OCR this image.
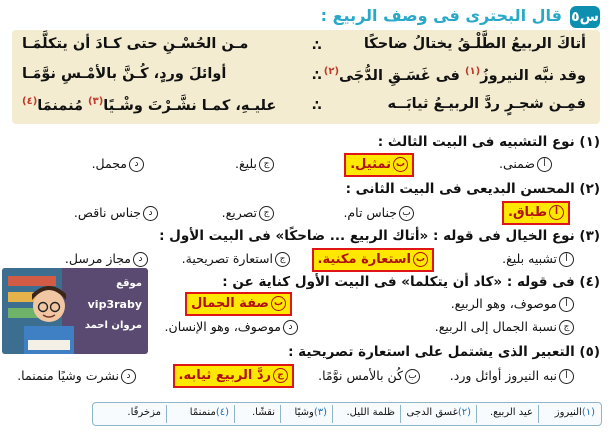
س٥
قال البحترى فى وصف الربيع :
أتاكَ الربيعُ الطَّلْـقُ يختالُ ضاحكًا
∴
مـن الحُسْـنِ حتى كـادَ أن يتكلَّمَـا
وقد نبَّه النيروزُ$^{(١)}$ فى غَسَـقِ الدُّجَى$^{(٢)}$
∴
أوائلَ وردٍ، كُـنَّ بالأمْـسِ نوَّمَـا
فمِـن شجـرٍ ردَّ الربيـعُ ثيابَــه
∴
عليـهِ، كمـا نشَّـرْتَ وشْـيًا$^{(٣)}$ مُنمنمَا$^{(٤)}$
(١) نوع التشبيه فى البيت الثالث :
أضمنى.
بتمثيل.
جبليغ.
دمجمل.
(٢) المحسن البديعى فى البيت الثانى :
أطباق.
بجناس تام.
جتصريع.
دجناس ناقص.
(٣) نوع الخيال فى قوله : «أتاك الربيع ... ضاحكًا» فى البيت الأول :
أتشبيه بليغ.
باستعارة مكنية.
جاستعارة تصريحية.
دمجاز مرسل.
(٤) فى قوله : «كاد أن يتكلما» فى البيت الأول كناية عن :
أموصوف، وهو الربيع.
بصفة الجمال
جنسبة الجمال إلى الربيع.
دموصوف، وهو الإنسان.
(٥) التعبير الذى يشتمل على استعارة تصريحية :
أنبه النيروز أوائل ورد.
بكُن بالأمس نوَّمًا.
جردَّ الربيع ثيابه.
دنشرت وشيًا منمنما.
موقع
vip3raby
مروان احمد
(١)النيروز
عيد الربيع.
(٢)غسق الدجى
ظلمة الليل.
(٣)وشيًا
نقشًا.
(٤)منمنمًا
مزخرفًا.
